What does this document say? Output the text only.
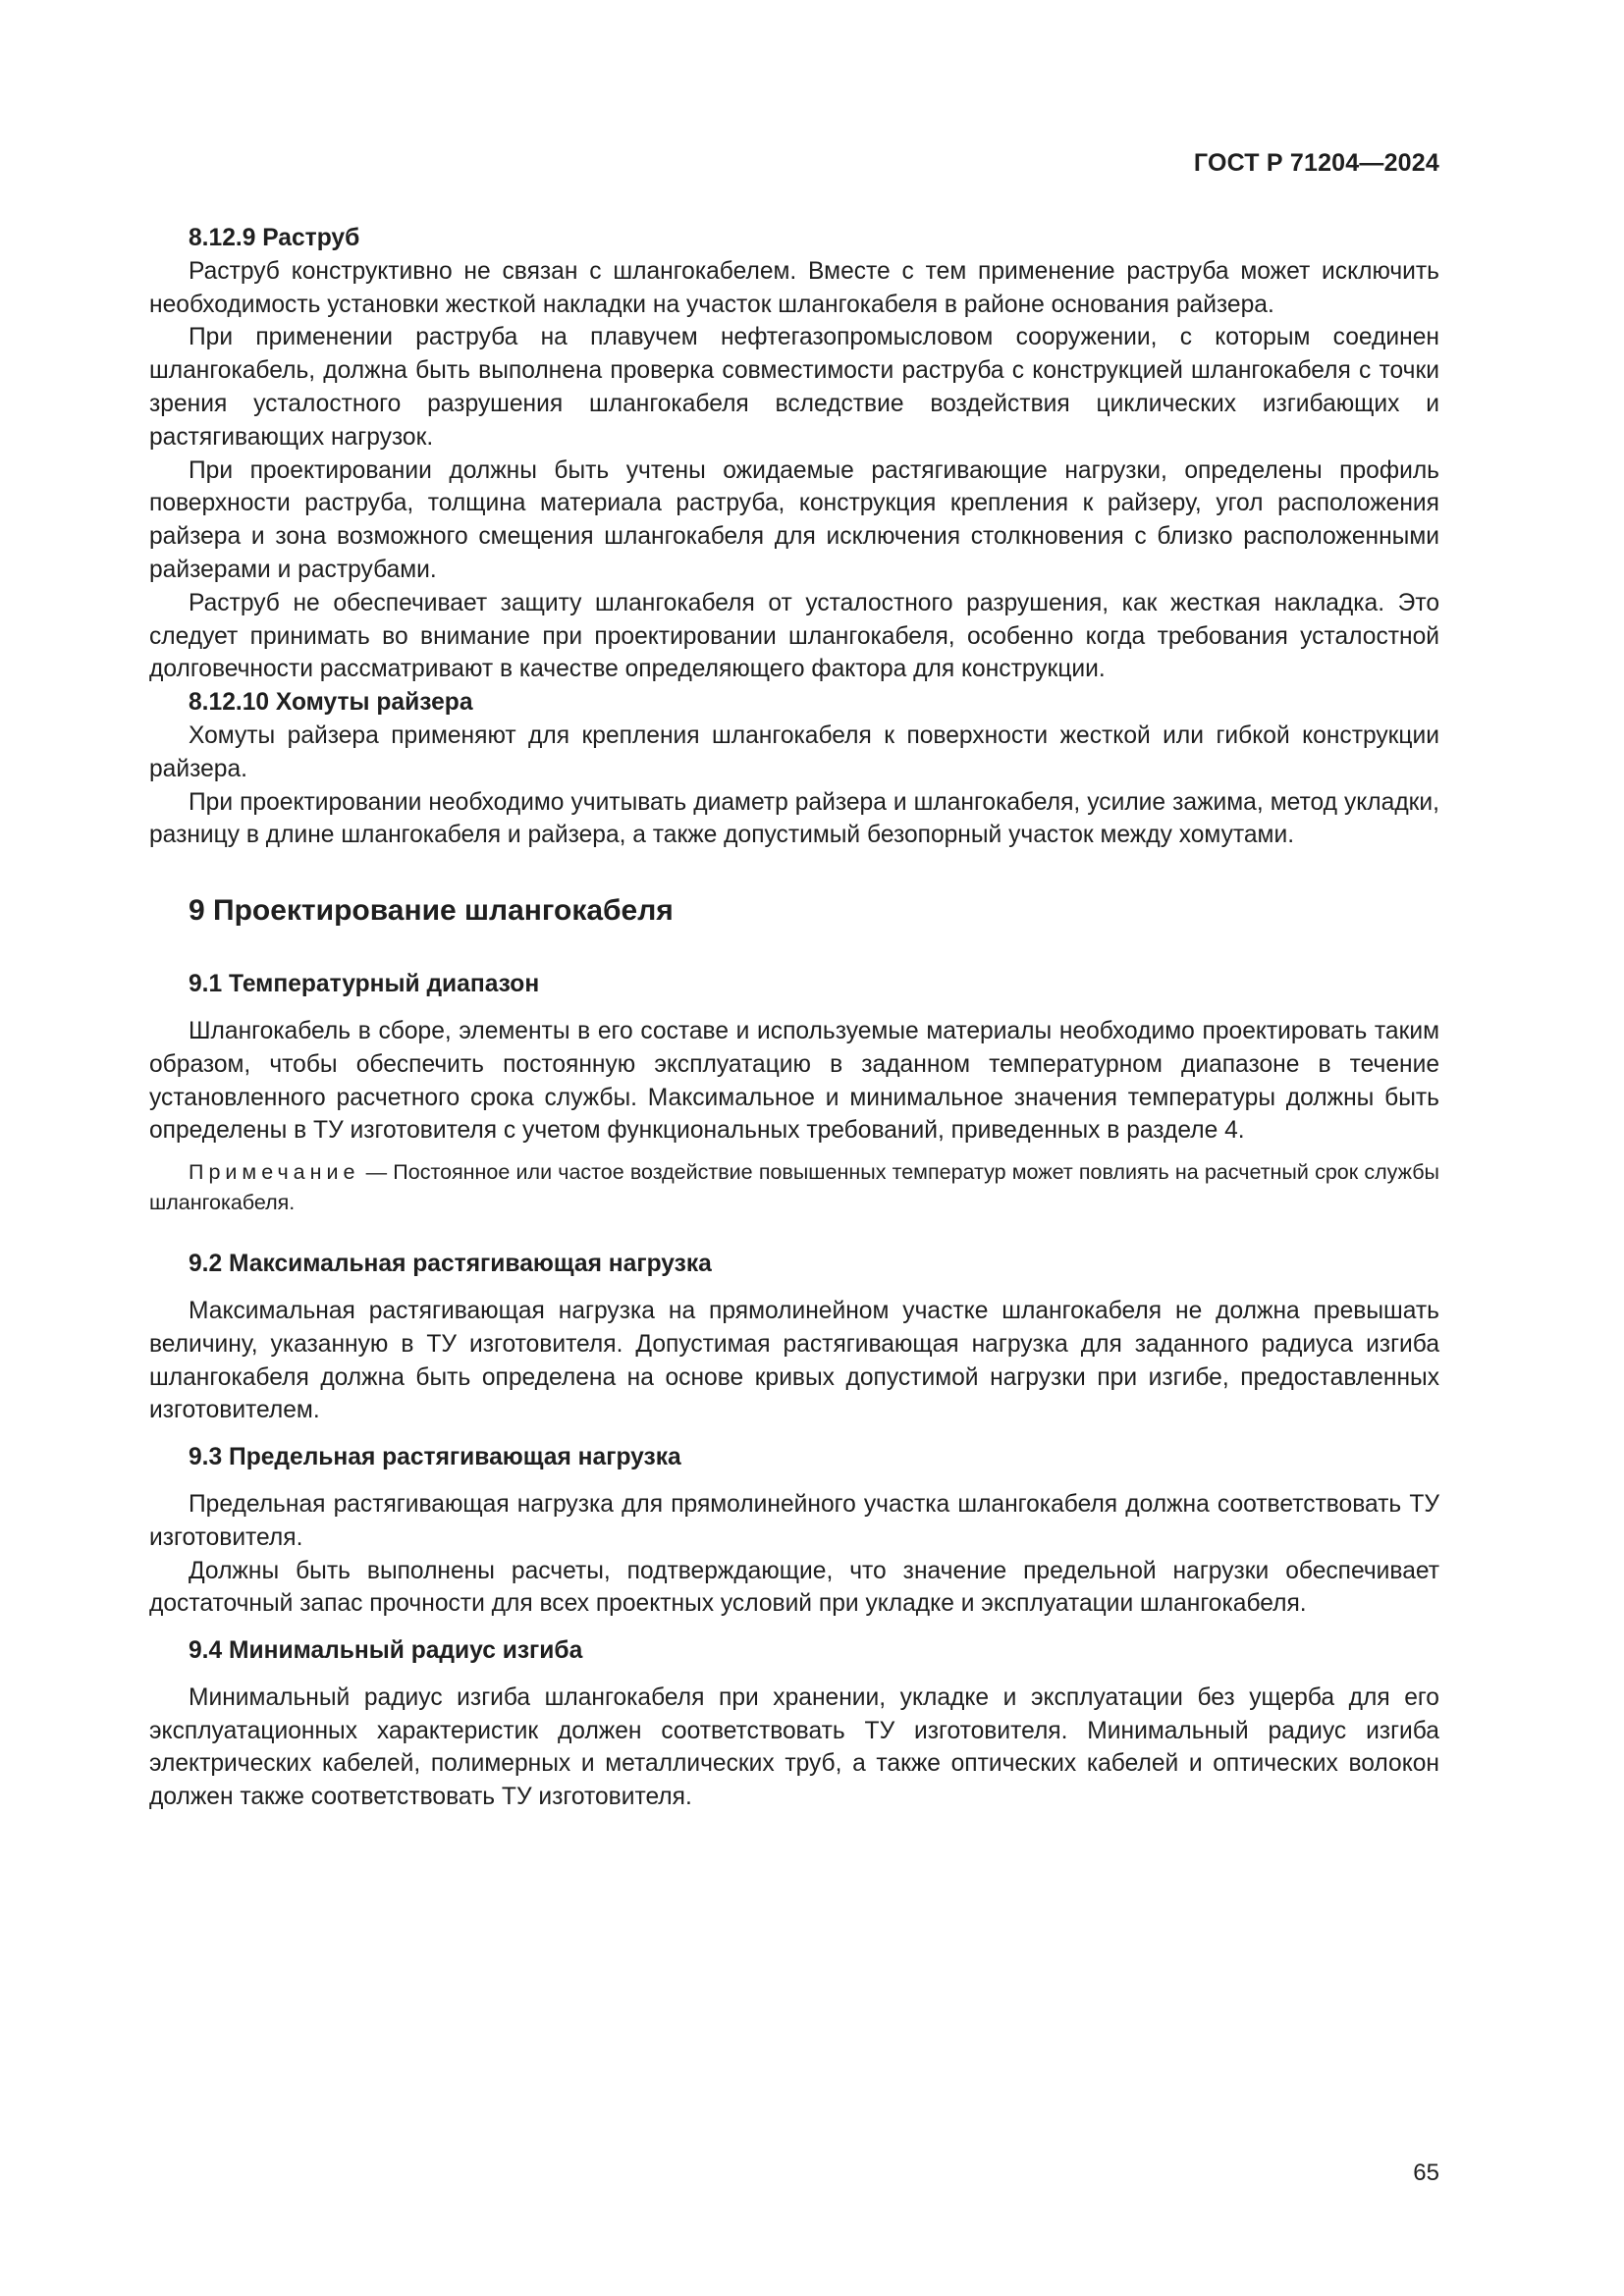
ГОСТ Р 71204—2024
8.12.9 Раструб

Раструб конструктивно не связан с шлангокабелем. Вместе с тем применение раструба может исключить необходимость установки жесткой накладки на участок шлангокабеля в районе основания райзера.

При применении раструба на плавучем нефтегазопромысловом сооружении, с которым соединен шлангокабель, должна быть выполнена проверка совместимости раструба с конструкцией шлангокабеля с точки зрения усталостного разрушения шлангокабеля вследствие воздействия циклических изгибающих и растягивающих нагрузок.

При проектировании должны быть учтены ожидаемые растягивающие нагрузки, определены профиль поверхности раструба, толщина материала раструба, конструкция крепления к райзеру, угол расположения райзера и зона возможного смещения шлангокабеля для исключения столкновения с близко расположенными райзерами и раструбами.

Раструб не обеспечивает защиту шлангокабеля от усталостного разрушения, как жесткая накладка. Это следует принимать во внимание при проектировании шлангокабеля, особенно когда требования усталостной долговечности рассматривают в качестве определяющего фактора для конструкции.

8.12.10 Хомуты райзера

Хомуты райзера применяют для крепления шлангокабеля к поверхности жесткой или гибкой конструкции райзера.

При проектировании необходимо учитывать диаметр райзера и шлангокабеля, усилие зажима, метод укладки, разницу в длине шлангокабеля и райзера, а также допустимый безопорный участок между хомутами.

9 Проектирование шлангокабеля
9.1 Температурный диапазон

Шлангокабель в сборе, элементы в его составе и используемые материалы необходимо проектировать таким образом, чтобы обеспечить постоянную эксплуатацию в заданном температурном диапазоне в течение установленного расчетного срока службы. Максимальное и минимальное значения температуры должны быть определены в ТУ изготовителя с учетом функциональных требований, приведенных в разделе 4.

Примечание — Постоянное или частое воздействие повышенных температур может повлиять на расчетный срок службы шлангокабеля.

9.2 Максимальная растягивающая нагрузка

Максимальная растягивающая нагрузка на прямолинейном участке шлангокабеля не должна превышать величину, указанную в ТУ изготовителя. Допустимая растягивающая нагрузка для заданного радиуса изгиба шлангокабеля должна быть определена на основе кривых допустимой нагрузки при изгибе, предоставленных изготовителем.

9.3 Предельная растягивающая нагрузка

Предельная растягивающая нагрузка для прямолинейного участка шлангокабеля должна соответствовать ТУ изготовителя.

Должны быть выполнены расчеты, подтверждающие, что значение предельной нагрузки обеспечивает достаточный запас прочности для всех проектных условий при укладке и эксплуатации шлангокабеля.

9.4 Минимальный радиус изгиба

Минимальный радиус изгиба шлангокабеля при хранении, укладке и эксплуатации без ущерба для его эксплуатационных характеристик должен соответствовать ТУ изготовителя. Минимальный радиус изгиба электрических кабелей, полимерных и металлических труб, а также оптических кабелей и оптических волокон должен также соответствовать ТУ изготовителя.

65
